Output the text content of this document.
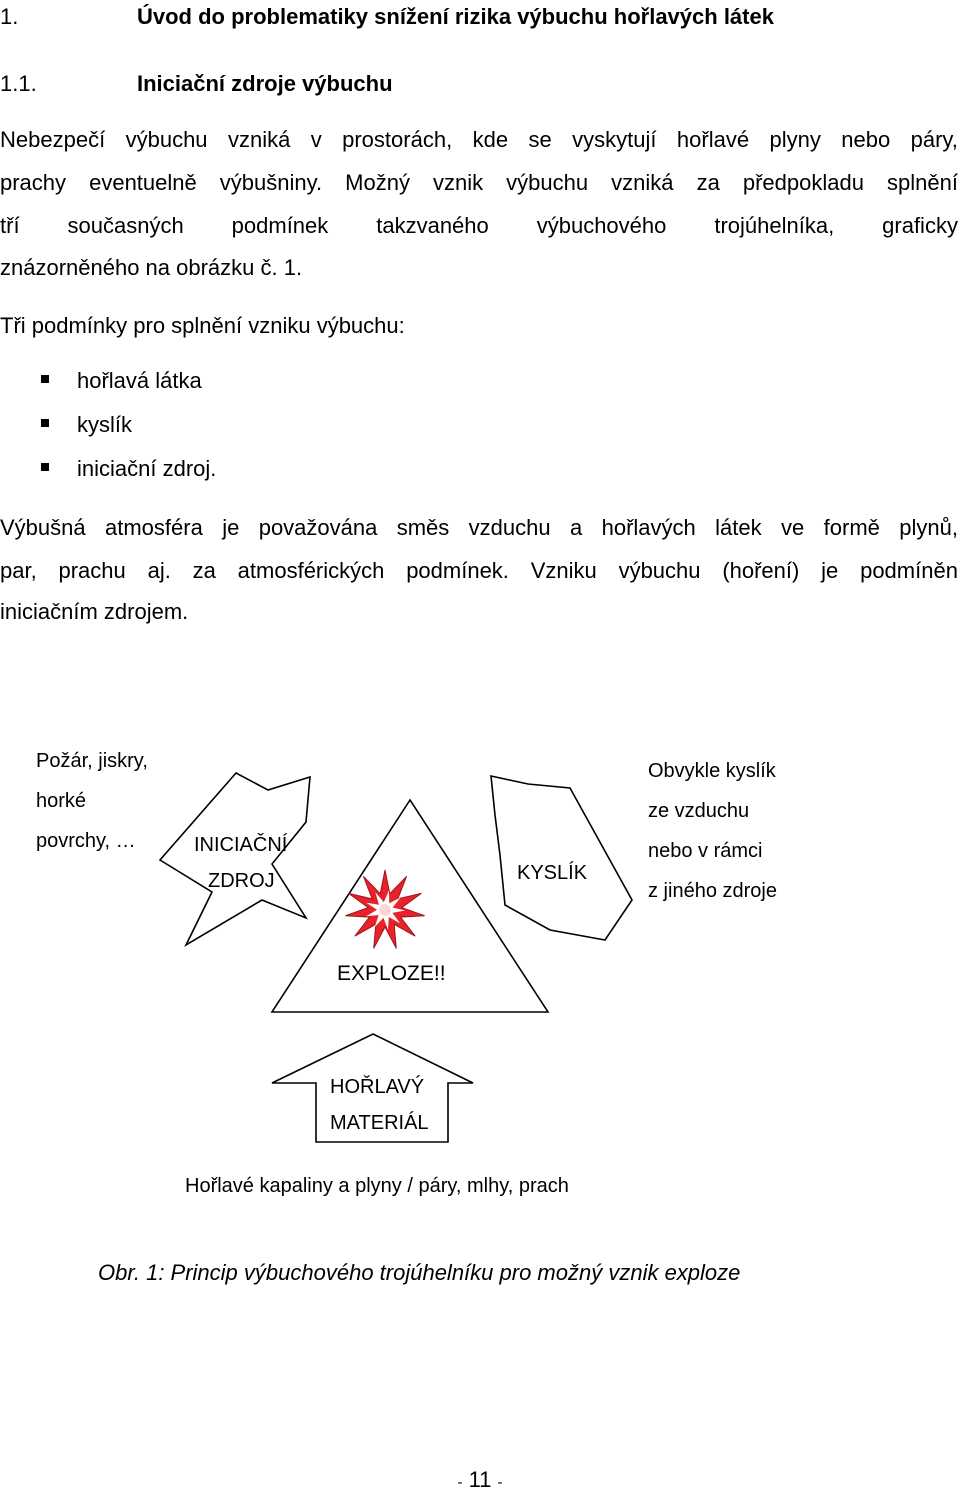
1.	Úvod do problematiky snížení rizika výbuchu hořlavých látek
1.1.	Iniciační zdroje výbuchu
Nebezpečí výbuchu vzniká v prostorách, kde se vyskytují hořlavé plyny nebo páry,
prachy eventuelně výbušniny. Možný vznik výbuchu vzniká za předpokladu splnění
tří současných podmínek takzvaného výbuchového trojúhelníka, graficky
znázorněného na obrázku č. 1.
Tři podmínky pro splnění vzniku výbuchu:
hořlavá látka
kyslík
iniciační zdroj.
Výbušná atmosféra je považována směs vzduchu a hořlavých látek ve formě plynů,
par, prachu aj. za atmosférických podmínek. Vzniku výbuchu (hoření) je podmíněn
iniciačním zdrojem.
Požár, jiskry,
horké
povrchy, …	INICIAČNÍ
ZDROJ	KYSLÍK
Obvykle kyslík
ze vzduchu
nebo v rámci
z jiného zdroje
EXPLOZE!!
HOŘLAVÝ
MATERIÁL
Hořlavé kapaliny a plyny / páry, mlhy, prach
Obr. 1: Princip výbuchového trojúhelníku pro možný vznik exploze
- 11 -
